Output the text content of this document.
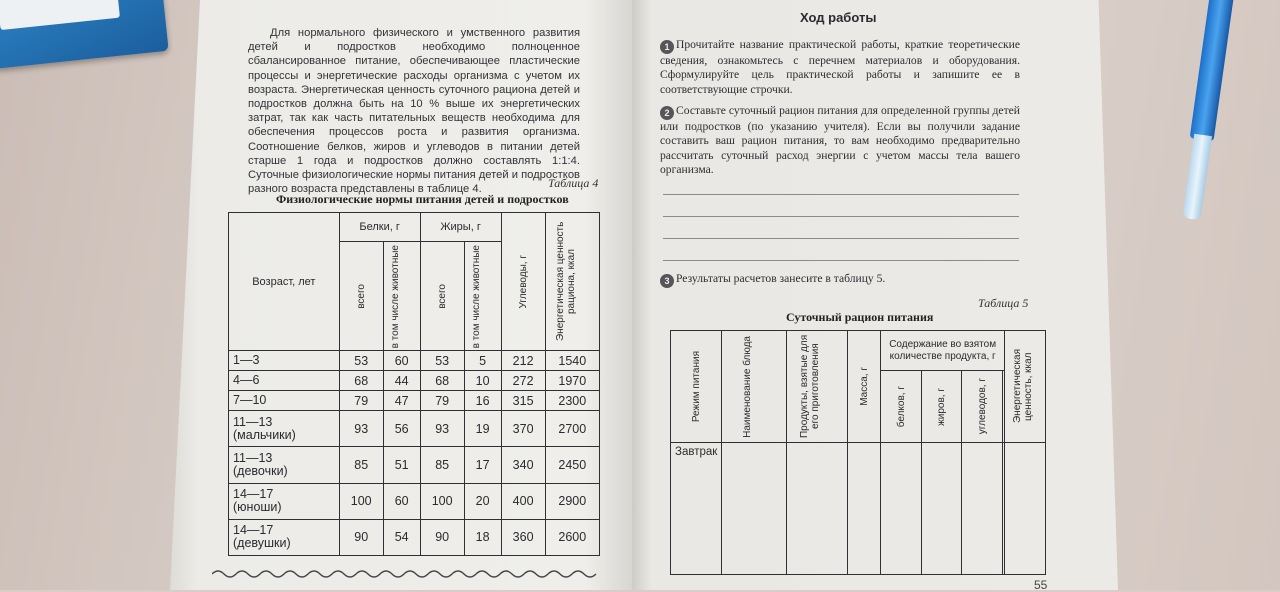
Для нормального физического и умственного развития детей и подростков необходимо полноценное сбалансированное питание, обеспечивающее пластические процессы и энергетические расходы организма с учетом их возраста. Энергетическая ценность суточного рациона детей и подростков должна быть на 10 % выше их энергетических затрат, так как часть питательных веществ необходима для обеспечения процессов роста и развития организма. Соотношение белков, жиров и углеводов в питании детей старше 1 года и подростков должно составлять 1:1:4. Суточные физиологические нормы питания детей и подростков разного возраста представлены в таблице 4.	Таблица 4
Физиологические нормы питания детей и подростков
Возраст, лет	Белки, г		Жиры, г		Углеводы, г	Энергетическая ценность рациона, ккал

	всего	в том числе животные	всего	в том числе животные		

1—3	53	60	53	5	212	1540
4—6	68	44	68	10	272	1970
7—10	79	47	79	16	315	2300
11—13
(мальчики)	93	56	93	19	370	2700
11—13
(девочки)	85	51	85	17	340	2450
14—17
(юноши)	100	60	100	20	400	2900
14—17
(девушки)	90	54	90	18	360	2600
Ход работы
1 Прочитайте название практической работы, краткие теоретические сведения, ознакомьтесь с перечнем материалов и оборудования. Сформулируйте цель практической работы и запишите ее в соответствующие строчки.
2 Составьте суточный рацион питания для определенной группы детей или подростков (по указанию учителя). Если вы получили задание составить ваш рацион питания, то вам необходимо предварительно рассчитать суточный расход энергии с учетом массы тела вашего организма.
3 Результаты расчетов занесите в таблицу 5.
Таблица 5
Суточный рацион питания
Режим питания	Наименование блюда	Продукты, взятые для его приготовления	Масса, г	Содержание во взятом количестве продукта, г				Энергетическая ценность, ккал

				белков, г	жиров, г	углеводов, г		

Завтрак								
55
